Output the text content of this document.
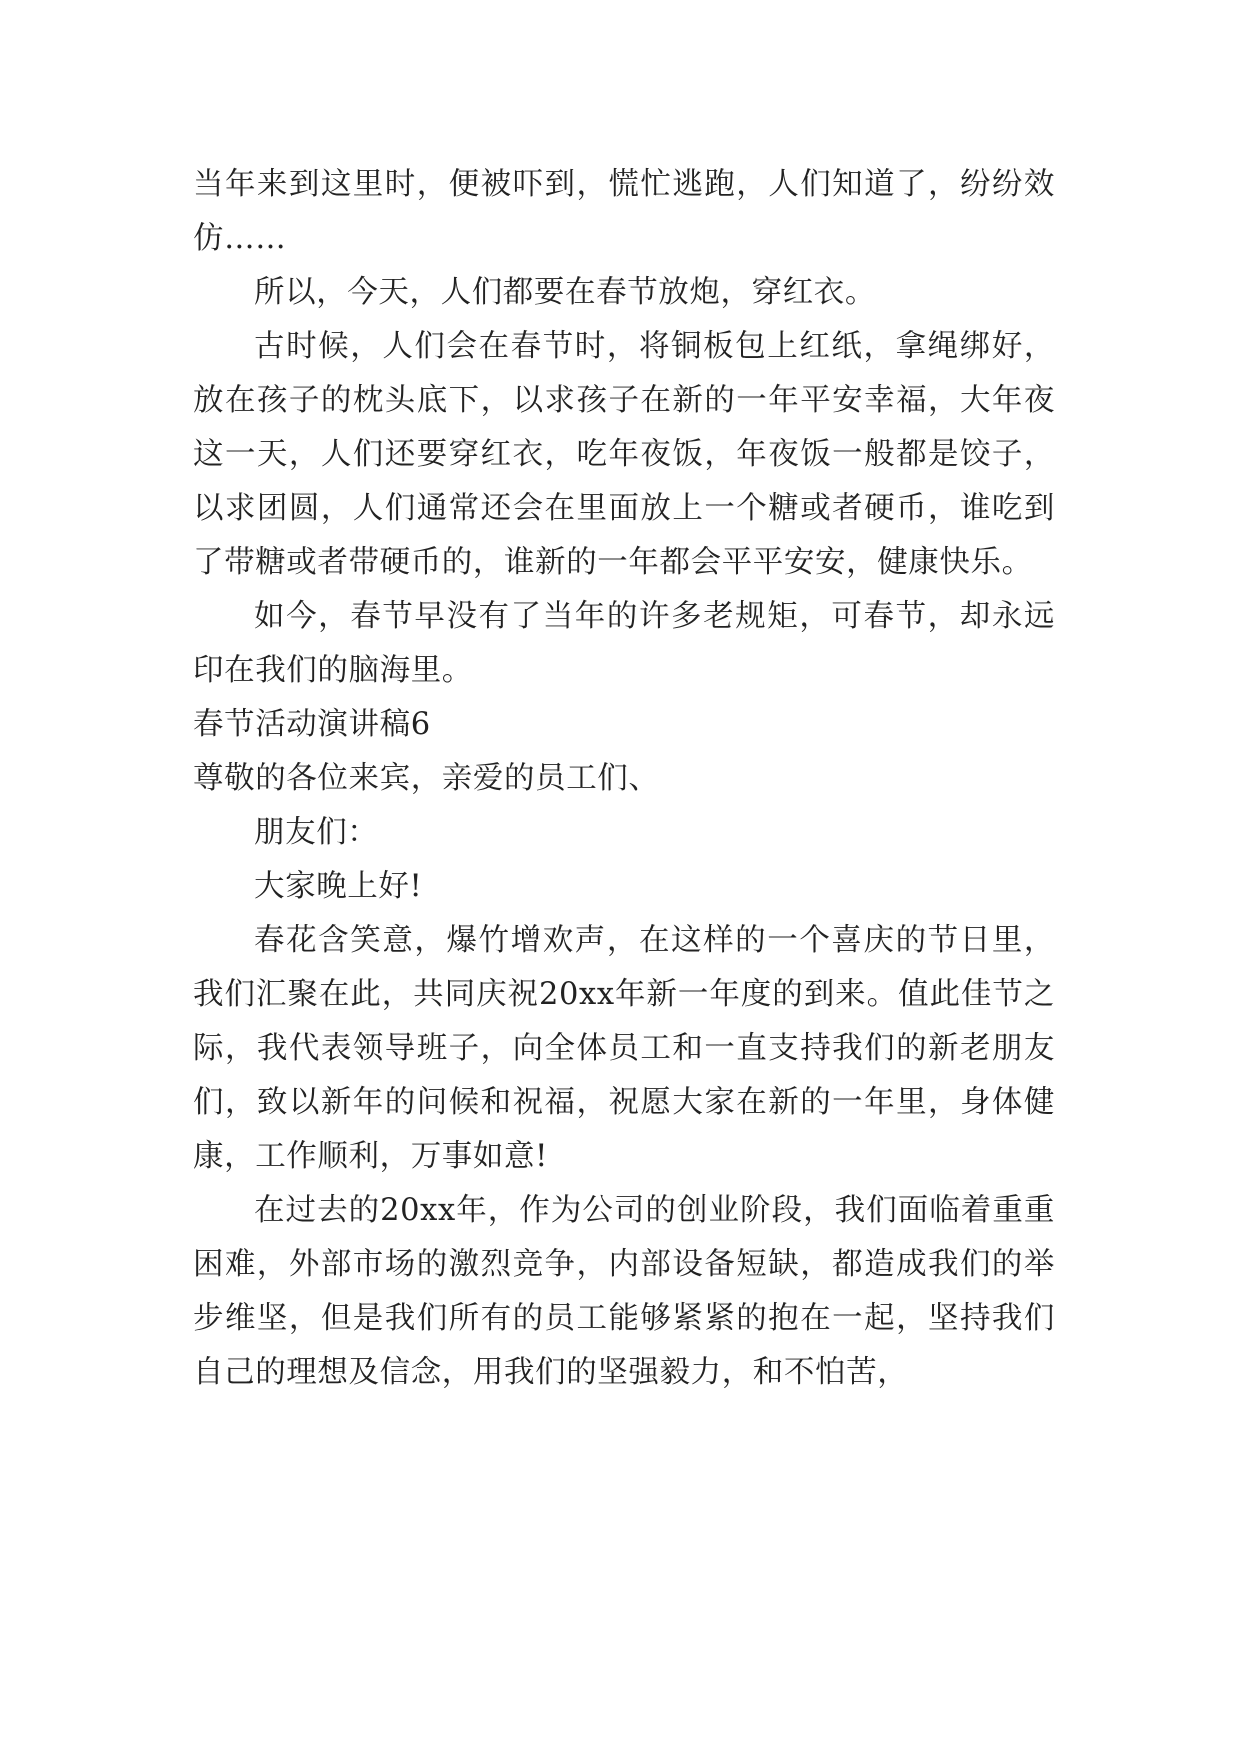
当年来到这里时，便被吓到，慌忙逃跑，人们知道了，纷纷效仿……

所以，今天，人们都要在春节放炮，穿红衣。

古时候，人们会在春节时，将铜板包上红纸，拿绳绑好，放在孩子的枕头底下，以求孩子在新的一年平安幸福，大年夜这一天，人们还要穿红衣，吃年夜饭，年夜饭一般都是饺子，以求团圆，人们通常还会在里面放上一个糖或者硬币，谁吃到了带糖或者带硬币的，谁新的一年都会平平安安，健康快乐。

如今，春节早没有了当年的许多老规矩，可春节，却永远印在我们的脑海里。

春节活动演讲稿6

尊敬的各位来宾，亲爱的员工们、

朋友们：

大家晚上好!

春花含笑意，爆竹增欢声，在这样的一个喜庆的节日里，我们汇聚在此，共同庆祝20xx年新一年度的到来。值此佳节之际，我代表领导班子，向全体员工和一直支持我们的新老朋友们，致以新年的问候和祝福，祝愿大家在新的一年里，身体健康，工作顺利，万事如意!

在过去的20xx年，作为公司的创业阶段，我们面临着重重困难，外部市场的激烈竞争，内部设备短缺，都造成我们的举步维坚，但是我们所有的员工能够紧紧的抱在一起，坚持我们自己的理想及信念，用我们的坚强毅力，和不怕苦，
